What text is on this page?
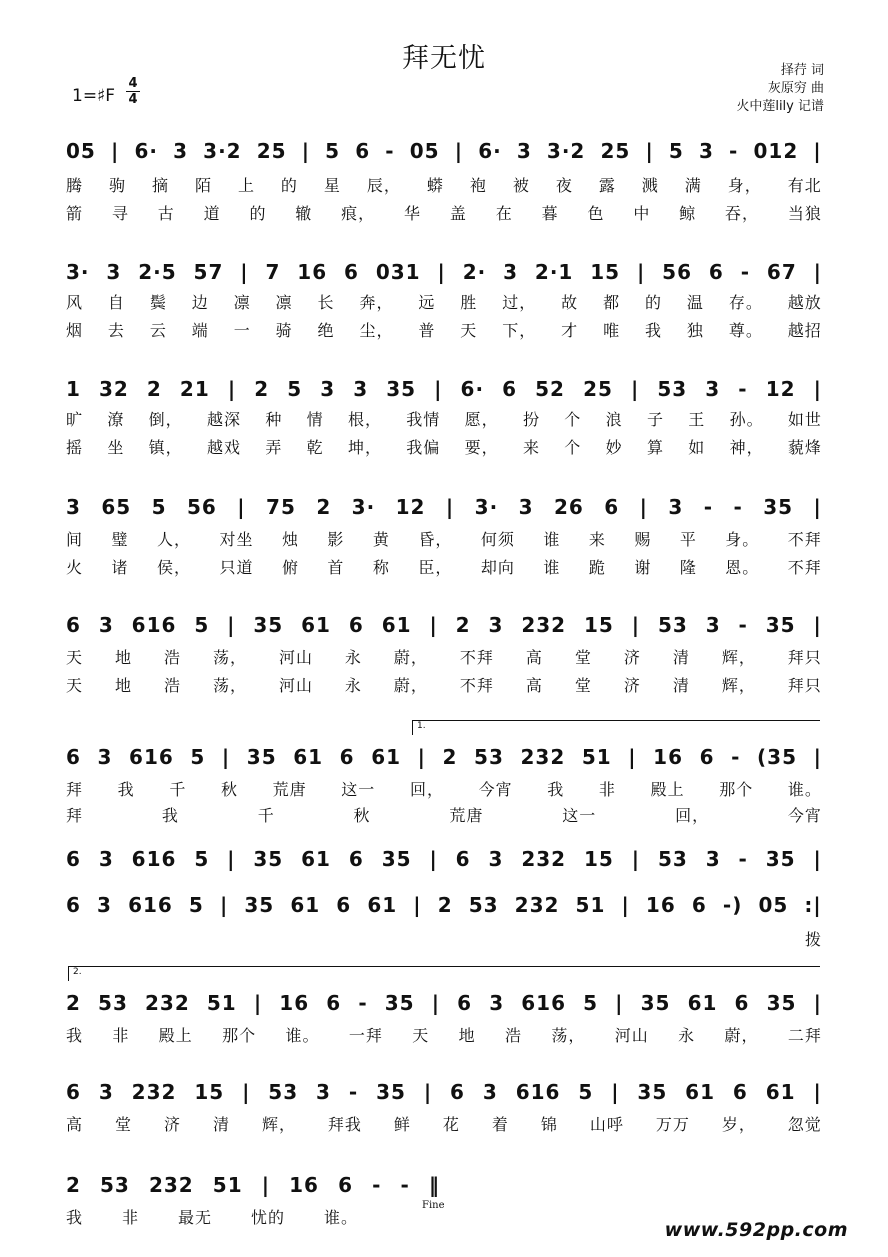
拜无忧	择荇 词
灰原穷 曲
火中莲lily 记谱
1=♯F $\frac{4}{4}$
05 | 6· 3 3·2 25 | 5 6 - 05 | 6· 3 3·2 25 | 5 3 - 012 |
腾 驹 摘 陌 上 的 星 辰， 蟒 袍 被 夜 露 溅 满 身， 有北
箭 寻 古 道 的 辙 痕， 华 盖 在 暮 色 中 鲸 吞， 当狼
3· 3 2·5 57 | 7 16 6 031 | 2· 3 2·1 15 | 56 6 - 67 |
风 自 鬓 边 凛 凛 长 奔， 远 胜 过， 故 都 的 温 存。 越放
烟 去 云 端 一 骑 绝 尘， 普 天 下， 才 唯 我 独 尊。 越招
1 32 2 21 | 2 5 3 3 35 | 6· 6 52 25 | 53 3 - 12 |
旷 潦 倒， 越深 种 情 根， 我情 愿， 扮 个 浪 子 王 孙。 如世
摇 坐 镇， 越戏 弄 乾 坤， 我偏 要， 来 个 妙 算 如 神， 藐烽
3 65 5 56 | 75 2 3· 12 | 3· 3 26 6 | 3 - - 35 |
间 璧 人， 对坐 烛 影 黄 昏， 何须 谁 来 赐 平 身。 不拜
火 诸 侯， 只道 俯 首 称 臣， 却向 谁 跪 谢 隆 恩。 不拜
6 3 616 5 | 35 61 6 61 | 2 3 232 15 | 53 3 - 35 |
天 地 浩 荡， 河山 永 蔚， 不拜 高 堂 济 清 辉， 拜只
天 地 浩 荡， 河山 永 蔚， 不拜 高 堂 济 清 辉， 拜只
1.
6 3 616 5 | 35 61 6 61 | 2 53 232 51 | 16 6 - (35 |
拜 我 千 秋 荒唐 这一 回， 今宵 我 非 殿上 那个 谁。
拜	我	千	秋	荒唐	这一	回，	今宵
6 3 616 5 | 35 61 6 35 | 6 3 232 15 | 53 3 - 35 |
6 3 616 5 | 35 61 6 61 | 2 53 232 51 | 16 6 -) 05 :|
拨
2.
2 53 232 51 | 16 6 - 35 | 6 3 616 5 | 35 61 6 35 |
我 非 殿上 那个 谁。 一拜 天 地 浩 荡， 河山 永 蔚， 二拜
6 3 232 15 | 53 3 - 35 | 6 3 616 5 | 35 61 6 61 |
高 堂 济 清 辉， 拜我 鲜 花 着 锦 山呼 万万 岁， 忽觉
2 53 232 51 | 16 6 - - ‖
我 非 最无 忧的 谁。
Fine
www.592pp.com
